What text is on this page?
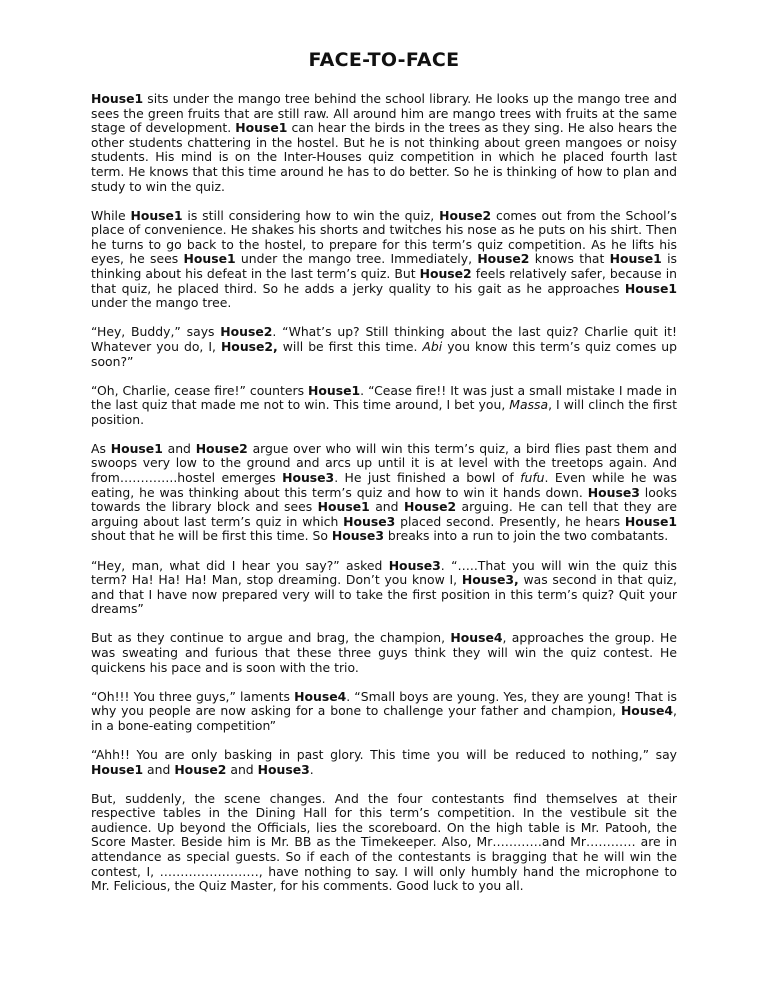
FACE-TO-FACE

House1 sits under the mango tree behind the school library. He looks up the mango tree and sees the green fruits that are still raw. All around him are mango trees with fruits at the same stage of development. House1 can hear the birds in the trees as they sing. He also hears the other students chattering in the hostel. But he is not thinking about green mangoes or noisy students. His mind is on the Inter-Houses quiz competition in which he placed fourth last term. He knows that this time around he has to do better. So he is thinking of how to plan and study to win the quiz.

While House1 is still considering how to win the quiz, House2 comes out from the School’s place of convenience. He shakes his shorts and twitches his nose as he puts on his shirt. Then he turns to go back to the hostel, to prepare for this term’s quiz competition. As he lifts his eyes, he sees House1 under the mango tree. Immediately, House2 knows that House1 is thinking about his defeat in the last term’s quiz. But House2 feels relatively safer, because in that quiz, he placed third. So he adds a jerky quality to his gait as he approaches House1 under the mango tree.

“Hey, Buddy,” says House2. “What’s up? Still thinking about the last quiz? Charlie quit it! Whatever you do, I, House2, will be first this time. Abi you know this term’s quiz comes up soon?”

“Oh, Charlie, cease fire!” counters House1. “Cease fire!! It was just a small mistake I made in the last quiz that made me not to win. This time around, I bet you, Massa, I will clinch the first position.

As House1 and House2 argue over who will win this term’s quiz, a bird flies past them and swoops very low to the ground and arcs up until it is at level with the treetops again. And from…………..hostel emerges House3. He just finished a bowl of fufu. Even while he was eating, he was thinking about this term’s quiz and how to win it hands down. House3 looks towards the library block and sees House1 and House2 arguing. He can tell that they are arguing about last term’s quiz in which House3 placed second. Presently, he hears House1 shout that he will be first this time. So House3 breaks into a run to join the two combatants.

“Hey, man, what did I hear you say?” asked House3. “…..That you will win the quiz this term? Ha! Ha! Ha! Man, stop dreaming. Don’t you know I, House3, was second in that quiz, and that I have now prepared very will to take the first position in this term’s quiz? Quit your dreams”

But as they continue to argue and brag, the champion, House4, approaches the group. He was sweating and furious that these three guys think they will win the quiz contest. He quickens his pace and is soon with the trio.

“Oh!!! You three guys,” laments House4. “Small boys are young. Yes, they are young! That is why you people are now asking for a bone to challenge your father and champion, House4, in a bone-eating competition”

“Ahh!! You are only basking in past glory. This time you will be reduced to nothing,” say House1 and House2 and House3.

But, suddenly, the scene changes. And the four contestants find themselves at their respective tables in the Dining Hall for this term’s competition. In the vestibule sit the audience. Up beyond the Officials, lies the scoreboard. On the high table is Mr. Patooh, the Score Master. Beside him is Mr. BB as the Timekeeper. Also, Mr…………and Mr………… are in attendance as special guests. So if each of the contestants is bragging that he will win the contest, I, ……………………, have nothing to say. I will only humbly hand the microphone to Mr. Felicious, the Quiz Master, for his comments. Good luck to you all.
